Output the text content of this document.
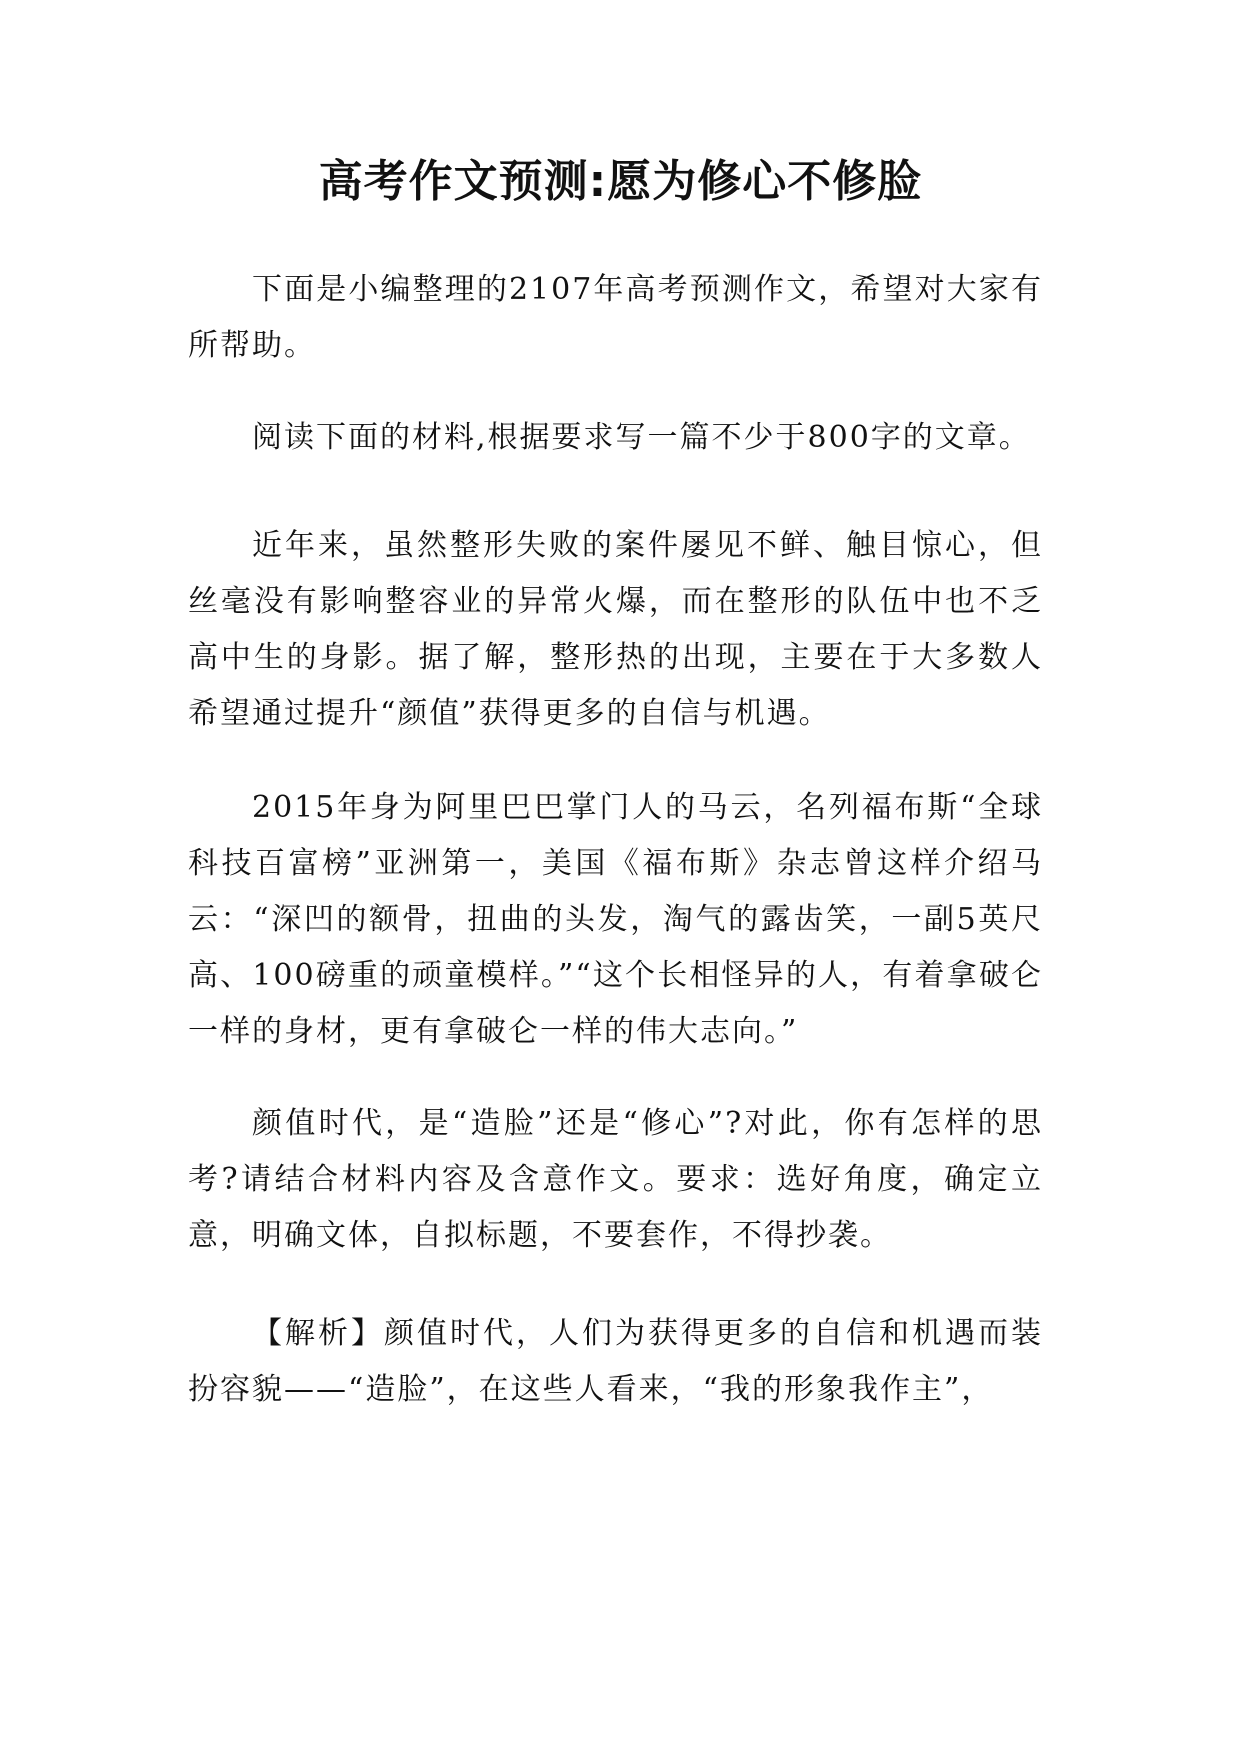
高考作文预测:愿为修心不修脸

下面是小编整理的2107年高考预测作文，希望对大家有所帮助。

阅读下面的材料,根据要求写一篇不少于800字的文章。

近年来，虽然整形失败的案件屡见不鲜、触目惊心，但丝毫没有影响整容业的异常火爆，而在整形的队伍中也不乏高中生的身影。据了解，整形热的出现，主要在于大多数人希望通过提升“颜值”获得更多的自信与机遇。

2015年身为阿里巴巴掌门人的马云，名列福布斯“全球科技百富榜”亚洲第一，美国《福布斯》杂志曾这样介绍马云：“深凹的额骨，扭曲的头发，淘气的露齿笑，一副5英尺高、100磅重的顽童模样。”“这个长相怪异的人，有着拿破仑一样的身材，更有拿破仑一样的伟大志向。”

颜值时代，是“造脸”还是“修心”?对此，你有怎样的思考?请结合材料内容及含意作文。要求：选好角度，确定立意，明确文体，自拟标题，不要套作，不得抄袭。

【解析】颜值时代，人们为获得更多的自信和机遇而装扮容貌——“造脸”，在这些人看来，“我的形象我作主”，
